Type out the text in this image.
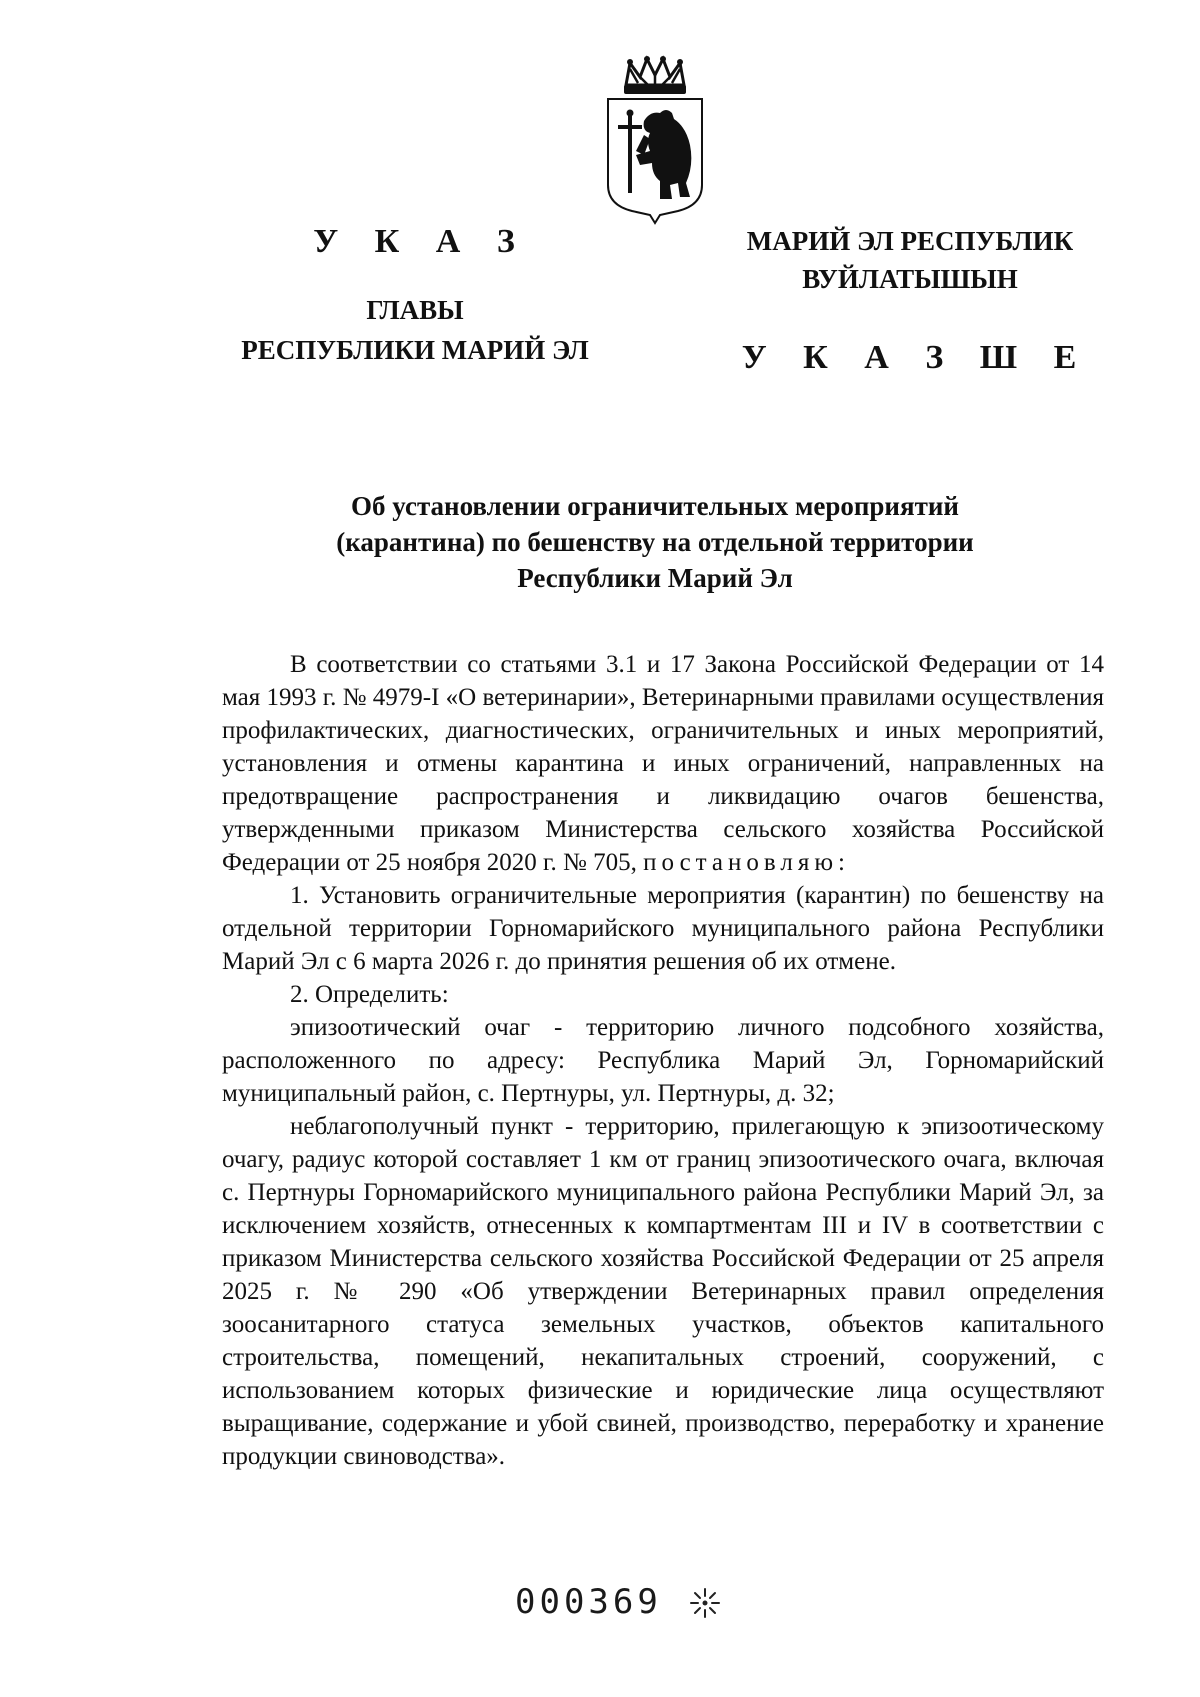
У К А З
ГЛАВЫ
РЕСПУБЛИКИ МАРИЙ ЭЛ
МАРИЙ ЭЛ РЕСПУБЛИК
ВУЙЛАТЫШЫН
У К А З Ш Е
Об установлении ограничительных мероприятий
(карантина) по бешенству на отдельной территории
Республики Марий Эл

В соответствии со статьями 3.1 и 17 Закона Российской Федерации от 14 мая 1993 г. № 4979-I «О ветеринарии», Ветеринарными правилами осуществления профилактических, диагностических, ограничительных и иных мероприятий, установления и отмены карантина и иных ограничений, направленных на предотвращение распространения и ликвидацию очагов бешенства, утвержденными приказом Министерства сельского хозяйства Российской Федерации от 25 ноября 2020 г. № 705, постановляю:

1. Установить ограничительные мероприятия (карантин) по бешенству на отдельной территории Горномарийского муниципального района Республики Марий Эл с 6 марта 2026 г. до принятия решения об их отмене.

2. Определить:

эпизоотический очаг - территорию личного подсобного хозяйства, расположенного по адресу: Республика Марий Эл, Горномарийский муниципальный район, с. Пертнуры, ул. Пертнуры, д. 32;

неблагополучный пункт - территорию, прилегающую к эпизоотическому очагу, радиус которой составляет 1 км от границ эпизоотического очага, включая с. Пертнуры Горномарийского муниципального района Республики Марий Эл, за исключением хозяйств, отнесенных к компартментам III и IV в соответствии с приказом Министерства сельского хозяйства Российской Федерации от 25 апреля 2025 г. № 290 «Об утверждении Ветеринарных правил определения зоосанитарного статуса земельных участков, объектов капитального строительства, помещений, некапитальных строений, сооружений, с использованием которых физические и юридические лица осуществляют выращивание, содержание и убой свиней, производство, переработку и хранение продукции свиноводства».

000369
